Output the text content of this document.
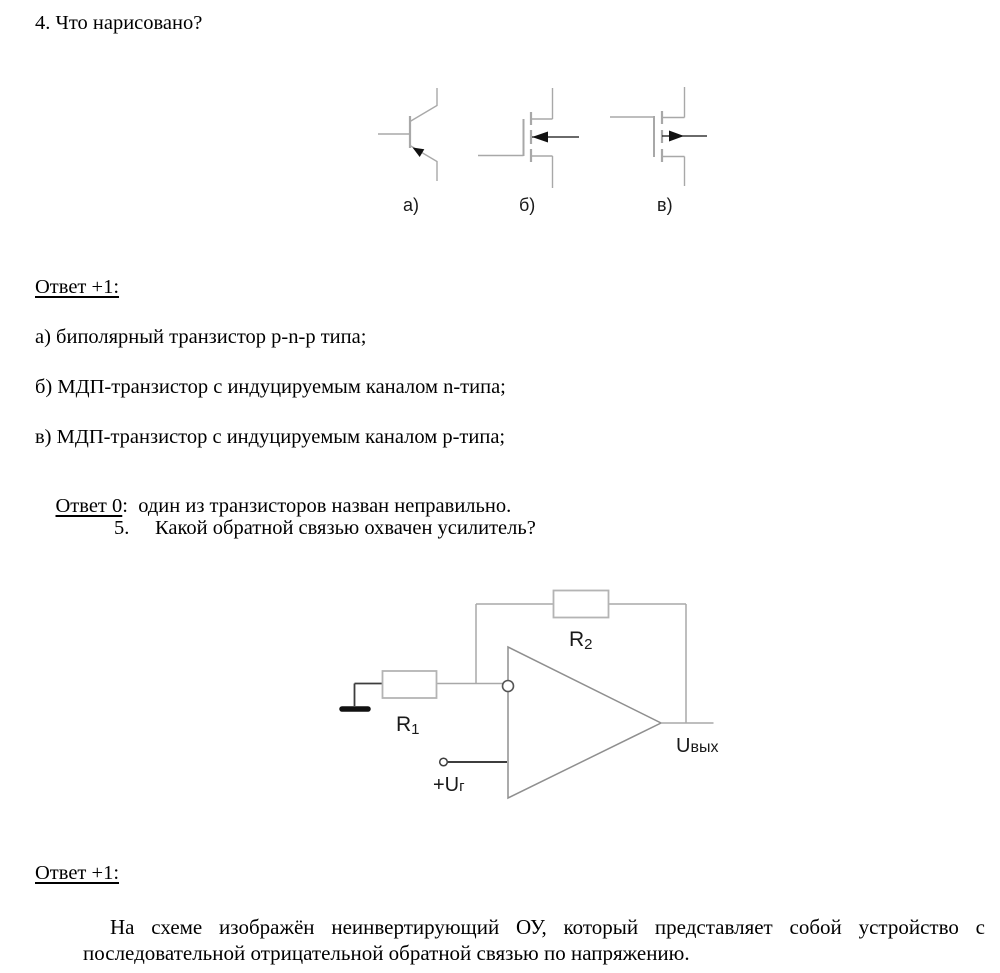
4. Что нарисовано?
а)	б)	в)
Ответ +1:
а) биполярный транзистор p-n-p типа;
б) МДП-транзистор с индуцируемым каналом n-типа;
в) МДП-транзистор с индуцируемым каналом p-типа;

Ответ 0:  один из транзисторов назван неправильно.

5.

Какой обратной связью охвачен усилитель?

R1
R2
Uвых
+Uг
Ответ +1:
На схеме изображён неинвертирующий ОУ, который представляет собой устройство с
последовательной отрицательной обратной связью по напряжению.
